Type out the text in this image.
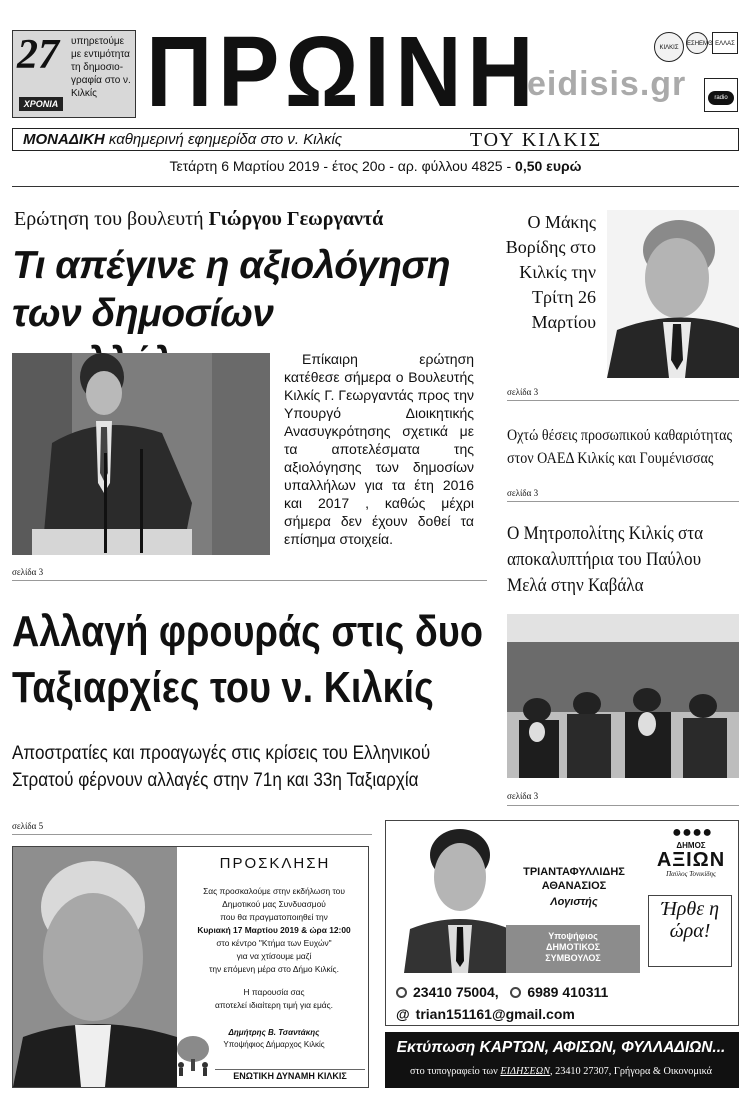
27
ΧΡΟΝΙΑ
υπηρετούμε με εντιμότητα τη δημοσιο-γραφία στο ν. Κιλκίς ΠΡΩΙΝΗ
eidisis.gr
ΚΙΛΚΙΣ
ΕΣΗΕΜΘ ΕΛΛΑΣ
radio
ΜΟΝΑΔΙΚΗ καθημερινή εφημερίδα στο ν. Κιλκίς	ΤΟΥ ΚΙΛΚΙΣ
Τετάρτη 6 Μαρτίου 2019 - έτος 20ο - αρ. φύλλου 4825 - 0,50 ευρώ
Ερώτηση του βουλευτή Γιώργου Γεωργαντά
Τι απέγινε η αξιολόγηση των δημοσίων
Επίκαιρη ερώτηση κατέθεσε σήμερα ο Βουλευτής Κιλκίς Γ. Γεωργαντάς προς την Υπουργό Διοικητικής Ανασυγκρότησης σχετικά με τα αποτελέσματα της αξιολόγησης των δημοσίων υπαλλήλων για τα έτη 2016 και 2017 , καθώς μέχρι σήμερα δεν έχουν δοθεί τα επίσημα στοιχεία.
σελίδα 3
Αλλαγή φρουράς στις δυο Ταξιαρχίες του ν. Κιλκίς
Αποστρατίες και προαγωγές στις κρίσεις του Ελληνικού Στρατού φέρνουν αλλαγές στην 71η και 33η Ταξιαρχία
σελίδα 5
Ο Μάκης Βορίδης στο Κιλκίς την Τρίτη 26 Μαρτίου
σελίδα 3
Οχτώ θέσεις προσωπικού καθαριότητας στον ΟΑΕΔ Κιλκίς και Γουμένισσας
σελίδα 3
Ο Μητροπολίτης Κιλκίς στα αποκαλυπτήρια του Παύλου Μελά στην Καβάλα
σελίδα 3
ΠΡΟΣΚΛΗΣΗ
Σας προσκαλούμε στην εκδήλωση του
Δημοτικού μας Συνδυασμού
που θα πραγματοποιηθεί την
Κυριακή 17 Μαρτίου 2019 & ώρα 12:00
στο κέντρο "Κτήμα των Ευχών"
για να χτίσουμε μαζί
την επόμενη μέρα στο Δήμο Κιλκίς.
Η παρουσία σας
αποτελεί ιδιαίτερη τιμή για εμάς.
Δημήτρης Β. Τσαντάκης
Υποψήφιος Δήμαρχος Κιλκίς
ΕΝΩΤΙΚΗ ΔΥΝΑΜΗ ΚΙΛΚΙΣ
ΤΡΙΑΝΤΑΦΥΛΛΙΔΗΣ
ΑΘΑΝΑΣΙΟΣ
Λογιστής
Υποψήφιος
ΔΗΜΟΤΙΚΟΣ
ΣΥΜΒΟΥΛΟΣ
● ● ● ●
ΔΗΜΟΣ
ΑΞΙΩΝ
Παύλος Τονικίδης
Ήρθε η ώρα!
23410 75004, 6989 410311
@ trian151161@gmail.com
Εκτύπωση ΚΑΡΤΩΝ, ΑΦΙΣΩΝ, ΦΥΛΛΑΔΙΩΝ...
στο τυπογραφείο των ΕΙΔΗΣΕΩΝ, 23410 27307, Γρήγορα & Οικονομικά
